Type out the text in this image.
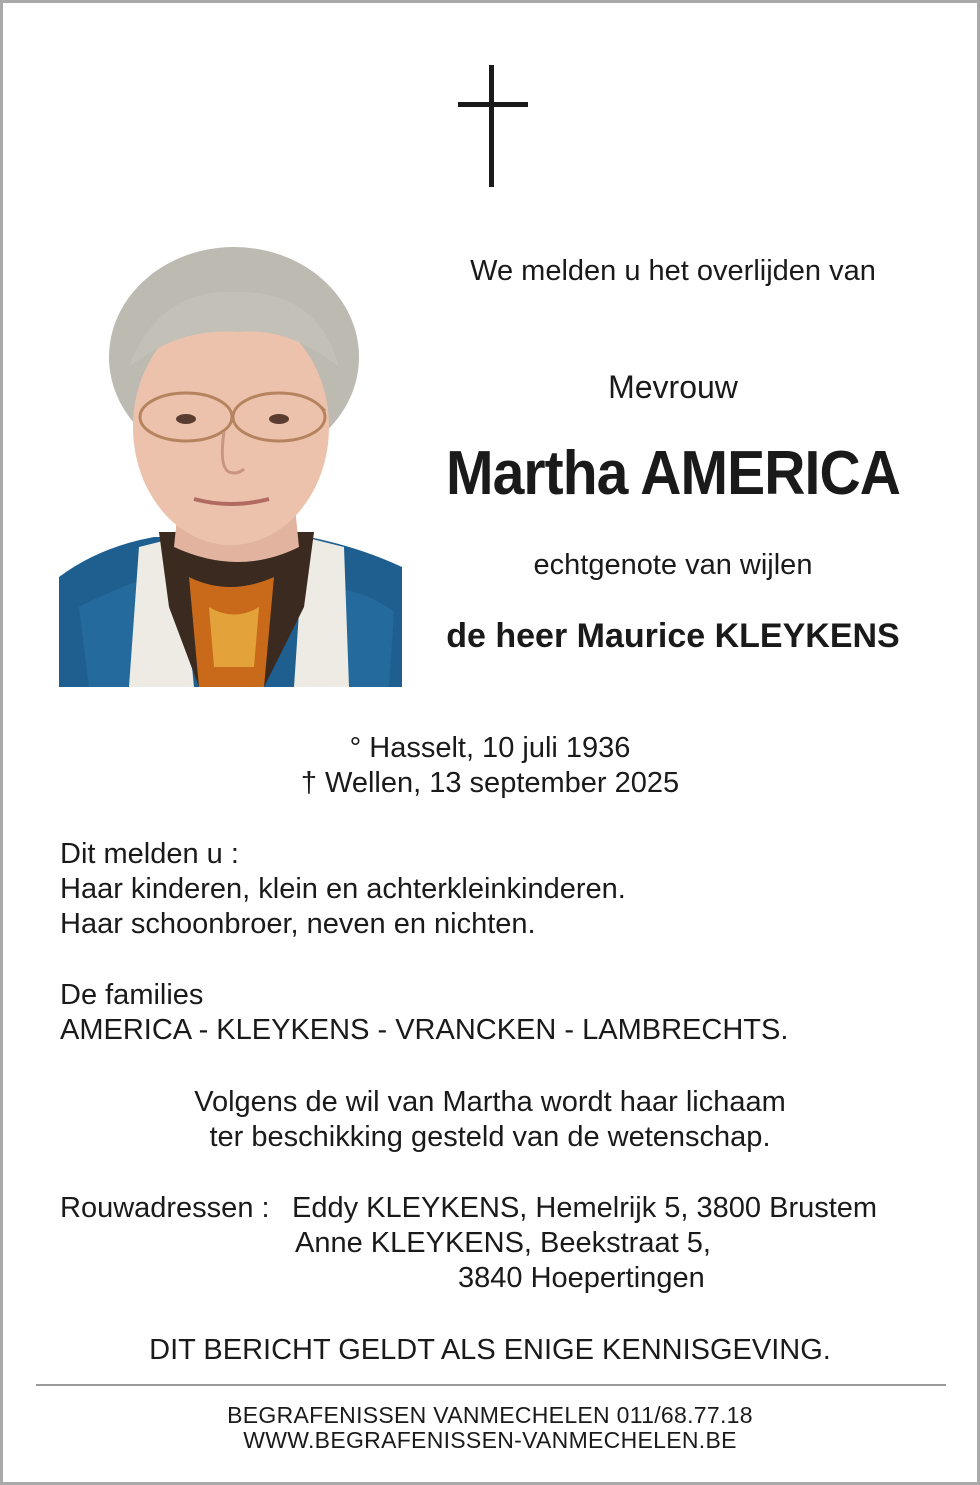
We melden u het overlijden van
Mevrouw
Martha AMERICA
echtgenote van wijlen
de heer Maurice KLEYKENS
° Hasselt, 10 juli 1936
† Wellen, 13 september 2025
Dit melden u :
Haar kinderen, klein en achterkleinkinderen.
Haar schoonbroer, neven en nichten.
De families
AMERICA - KLEYKENS - VRANCKEN - LAMBRECHTS.
Volgens de wil van Martha wordt haar lichaam
ter beschikking gesteld van de wetenschap.
Rouwadressen : Eddy KLEYKENS, Hemelrijk 5, 3800 Brustem
Anne KLEYKENS, Beekstraat 5,
3840 Hoepertingen
DIT BERICHT GELDT ALS ENIGE KENNISGEVING.
BEGRAFENISSEN VANMECHELEN 011/68.77.18
WWW.BEGRAFENISSEN-VANMECHELEN.BE
